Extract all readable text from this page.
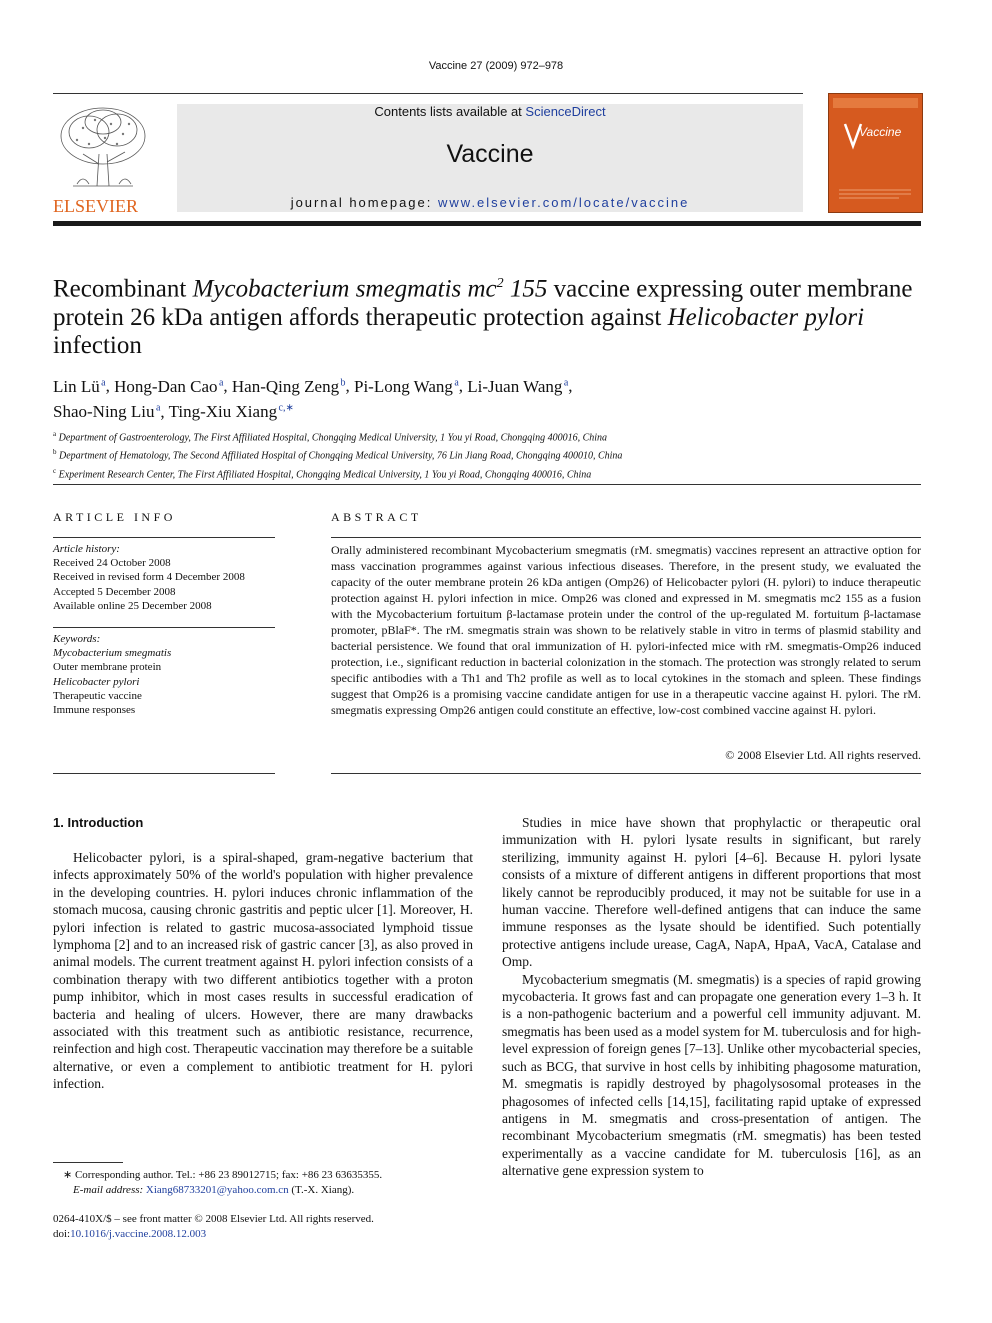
Vaccine 27 (2009) 972–978
Contents lists available at ScienceDirect
Vaccine
journal homepage: www.elsevier.com/locate/vaccine
ELSEVIER
Vaccine
Recombinant Mycobacterium smegmatis $mc^2$ 155 vaccine expressing outer membrane protein 26 kDa antigen affords therapeutic protection against Helicobacter pylori infection
Lin Lü $^a$, Hong-Dan Cao $^a$, Han-Qing Zeng $^b$, Pi-Long Wang $^a$, Li-Juan Wang $^a$,
Shao-Ning Liu $^a$, Ting-Xiu Xiang $^{c,∗}$
$^a$ Department of Gastroenterology, The First Affiliated Hospital, Chongqing Medical University, 1 You yi Road, Chongqing 400016, China
$^b$ Department of Hematology, The Second Affiliated Hospital of Chongqing Medical University, 76 Lin Jiang Road, Chongqing 400010, China
$^c$ Experiment Research Center, The First Affiliated Hospital, Chongqing Medical University, 1 You yi Road, Chongqing 400016, China
ARTICLE INFO	ABSTRACT
Article history:
Received 24 October 2008
Received in revised form 4 December 2008
Accepted 5 December 2008
Available online 25 December 2008
Keywords:
Mycobacterium smegmatis
Outer membrane protein
Helicobacter pylori
Therapeutic vaccine
Immune responses
Orally administered recombinant Mycobacterium smegmatis (rM. smegmatis) vaccines represent an attractive option for mass vaccination programmes against various infectious diseases. Therefore, in the present study, we evaluated the capacity of the outer membrane protein 26 kDa antigen (Omp26) of Helicobacter pylori (H. pylori) to induce therapeutic protection against H. pylori infection in mice. Omp26 was cloned and expressed in M. smegmatis mc2 155 as a fusion with the Mycobacterium fortuitum β-lactamase protein under the control of the up-regulated M. fortuitum β-lactamase promoter, pBlaF*. The rM. smegmatis strain was shown to be relatively stable in vitro in terms of plasmid stability and bacterial persistence. We found that oral immunization of H. pylori-infected mice with rM. smegmatis-Omp26 induced protection, i.e., significant reduction in bacterial colonization in the stomach. The protection was strongly related to serum specific antibodies with a Th1 and Th2 profile as well as to local cytokines in the stomach and spleen. These findings suggest that Omp26 is a promising vaccine candidate antigen for use in a therapeutic vaccine against H. pylori. The rM. smegmatis expressing Omp26 antigen could constitute an effective, low-cost combined vaccine against H. pylori.
© 2008 Elsevier Ltd. All rights reserved.
1. Introduction

Helicobacter pylori, is a spiral-shaped, gram-negative bacterium that infects approximately 50% of the world's population with higher prevalence in the developing countries. H. pylori induces chronic inflammation of the stomach mucosa, causing chronic gastritis and peptic ulcer [1]. Moreover, H. pylori infection is related to gastric mucosa-associated lymphoid tissue lymphoma [2] and to an increased risk of gastric cancer [3], as also proved in animal models. The current treatment against H. pylori infection consists of a combination therapy with two different antibiotics together with a proton pump inhibitor, which in most cases results in successful eradication of bacteria and healing of ulcers. However, there are many drawbacks associated with this treatment such as antibiotic resistance, recurrence, reinfection and high cost. Therapeutic vaccination may therefore be a suitable alternative, or even a complement to antibiotic treatment for H. pylori infection.

Studies in mice have shown that prophylactic or therapeutic oral immunization with H. pylori lysate results in significant, but rarely sterilizing, immunity against H. pylori [4–6]. Because H. pylori lysate consists of a mixture of different antigens in different proportions that most likely cannot be reproducibly produced, it may not be suitable for use in a human vaccine. Therefore well-defined antigens that can induce the same immune responses as the lysate should be identified. Such potentially protective antigens include urease, CagA, NapA, HpaA, VacA, Catalase and Omp.

Mycobacterium smegmatis (M. smegmatis) is a species of rapid growing mycobacteria. It grows fast and can propagate one generation every 1–3 h. It is a non-pathogenic bacterium and a powerful cell immunity adjuvant. M. smegmatis has been used as a model system for M. tuberculosis and for high-level expression of foreign genes [7–13]. Unlike other mycobacterial species, such as BCG, that survive in host cells by inhibiting phagosome maturation, M. smegmatis is rapidly destroyed by phagolysosomal proteases in the phagosomes of infected cells [14,15], facilitating rapid uptake of expressed antigens in M. smegmatis and cross-presentation of antigen. The recombinant Mycobacterium smegmatis (rM. smegmatis) has been tested experimentally as a vaccine candidate for M. tuberculosis [16], as an alternative gene expression system to

∗ Corresponding author. Tel.: +86 23 89012715; fax: +86 23 63635355.
E-mail address: Xiang68733201@yahoo.com.cn (T.-X. Xiang).
0264-410X/$ – see front matter © 2008 Elsevier Ltd. All rights reserved.
doi:10.1016/j.vaccine.2008.12.003
